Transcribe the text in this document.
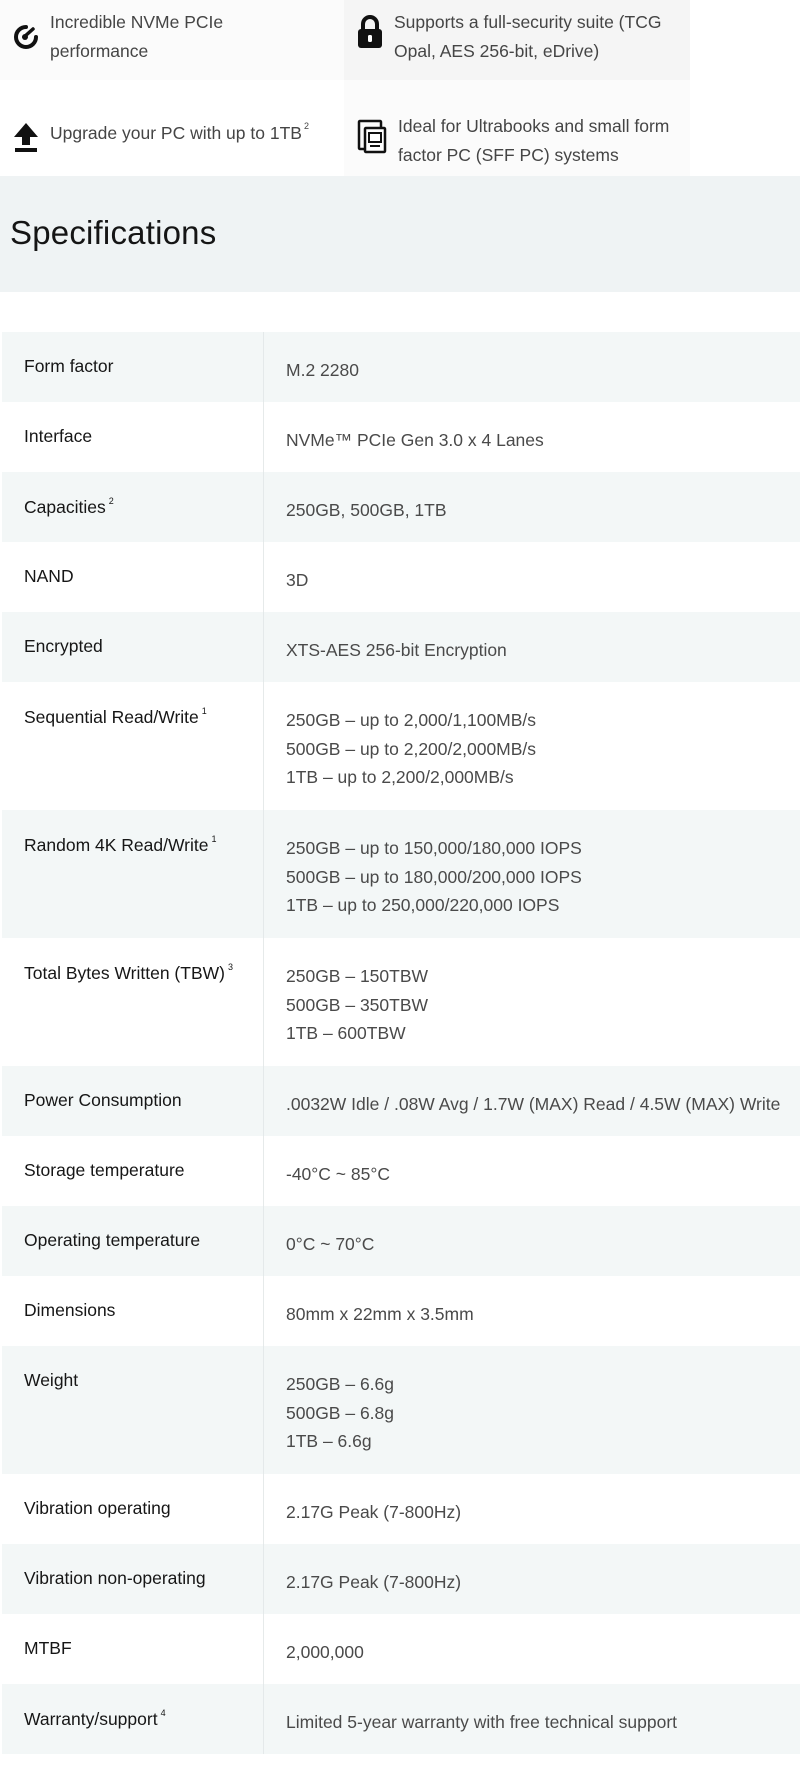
Incredible NVMe PCIe
performance
Supports a full-security suite (TCG
Opal, AES 256-bit, eDrive)
Upgrade your PC with up to 1TB $^2$	Ideal for Ultrabooks and small form
factor PC (SFF PC) systems
Specifications
Form factor	M.2 2280
Interface	NVMe™ PCIe Gen 3.0 x 4 Lanes
Capacities $^2$	250GB, 500GB, 1TB
NAND	3D
Encrypted	XTS-AES 256-bit Encryption
Sequential Read/Write $^1$	250GB – up to 2,000/1,100MB/s
500GB – up to 2,200/2,000MB/s
1TB – up to 2,200/2,000MB/s
Random 4K Read/Write $^1$	250GB – up to 150,000/180,000 IOPS
500GB – up to 180,000/200,000 IOPS
1TB – up to 250,000/220,000 IOPS
Total Bytes Written (TBW) $^3$	250GB – 150TBW
500GB – 350TBW
1TB – 600TBW
Power Consumption	.0032W Idle / .08W Avg / 1.7W (MAX) Read / 4.5W (MAX) Write
Storage temperature	-40°C ~ 85°C
Operating temperature	0°C ~ 70°C
Dimensions	80mm x 22mm x 3.5mm
Weight	250GB – 6.6g
500GB – 6.8g
1TB – 6.6g
Vibration operating	2.17G Peak (7-800Hz)
Vibration non-operating	2.17G Peak (7-800Hz)
MTBF	2,000,000
Warranty/support $^4$	Limited 5-year warranty with free technical support
